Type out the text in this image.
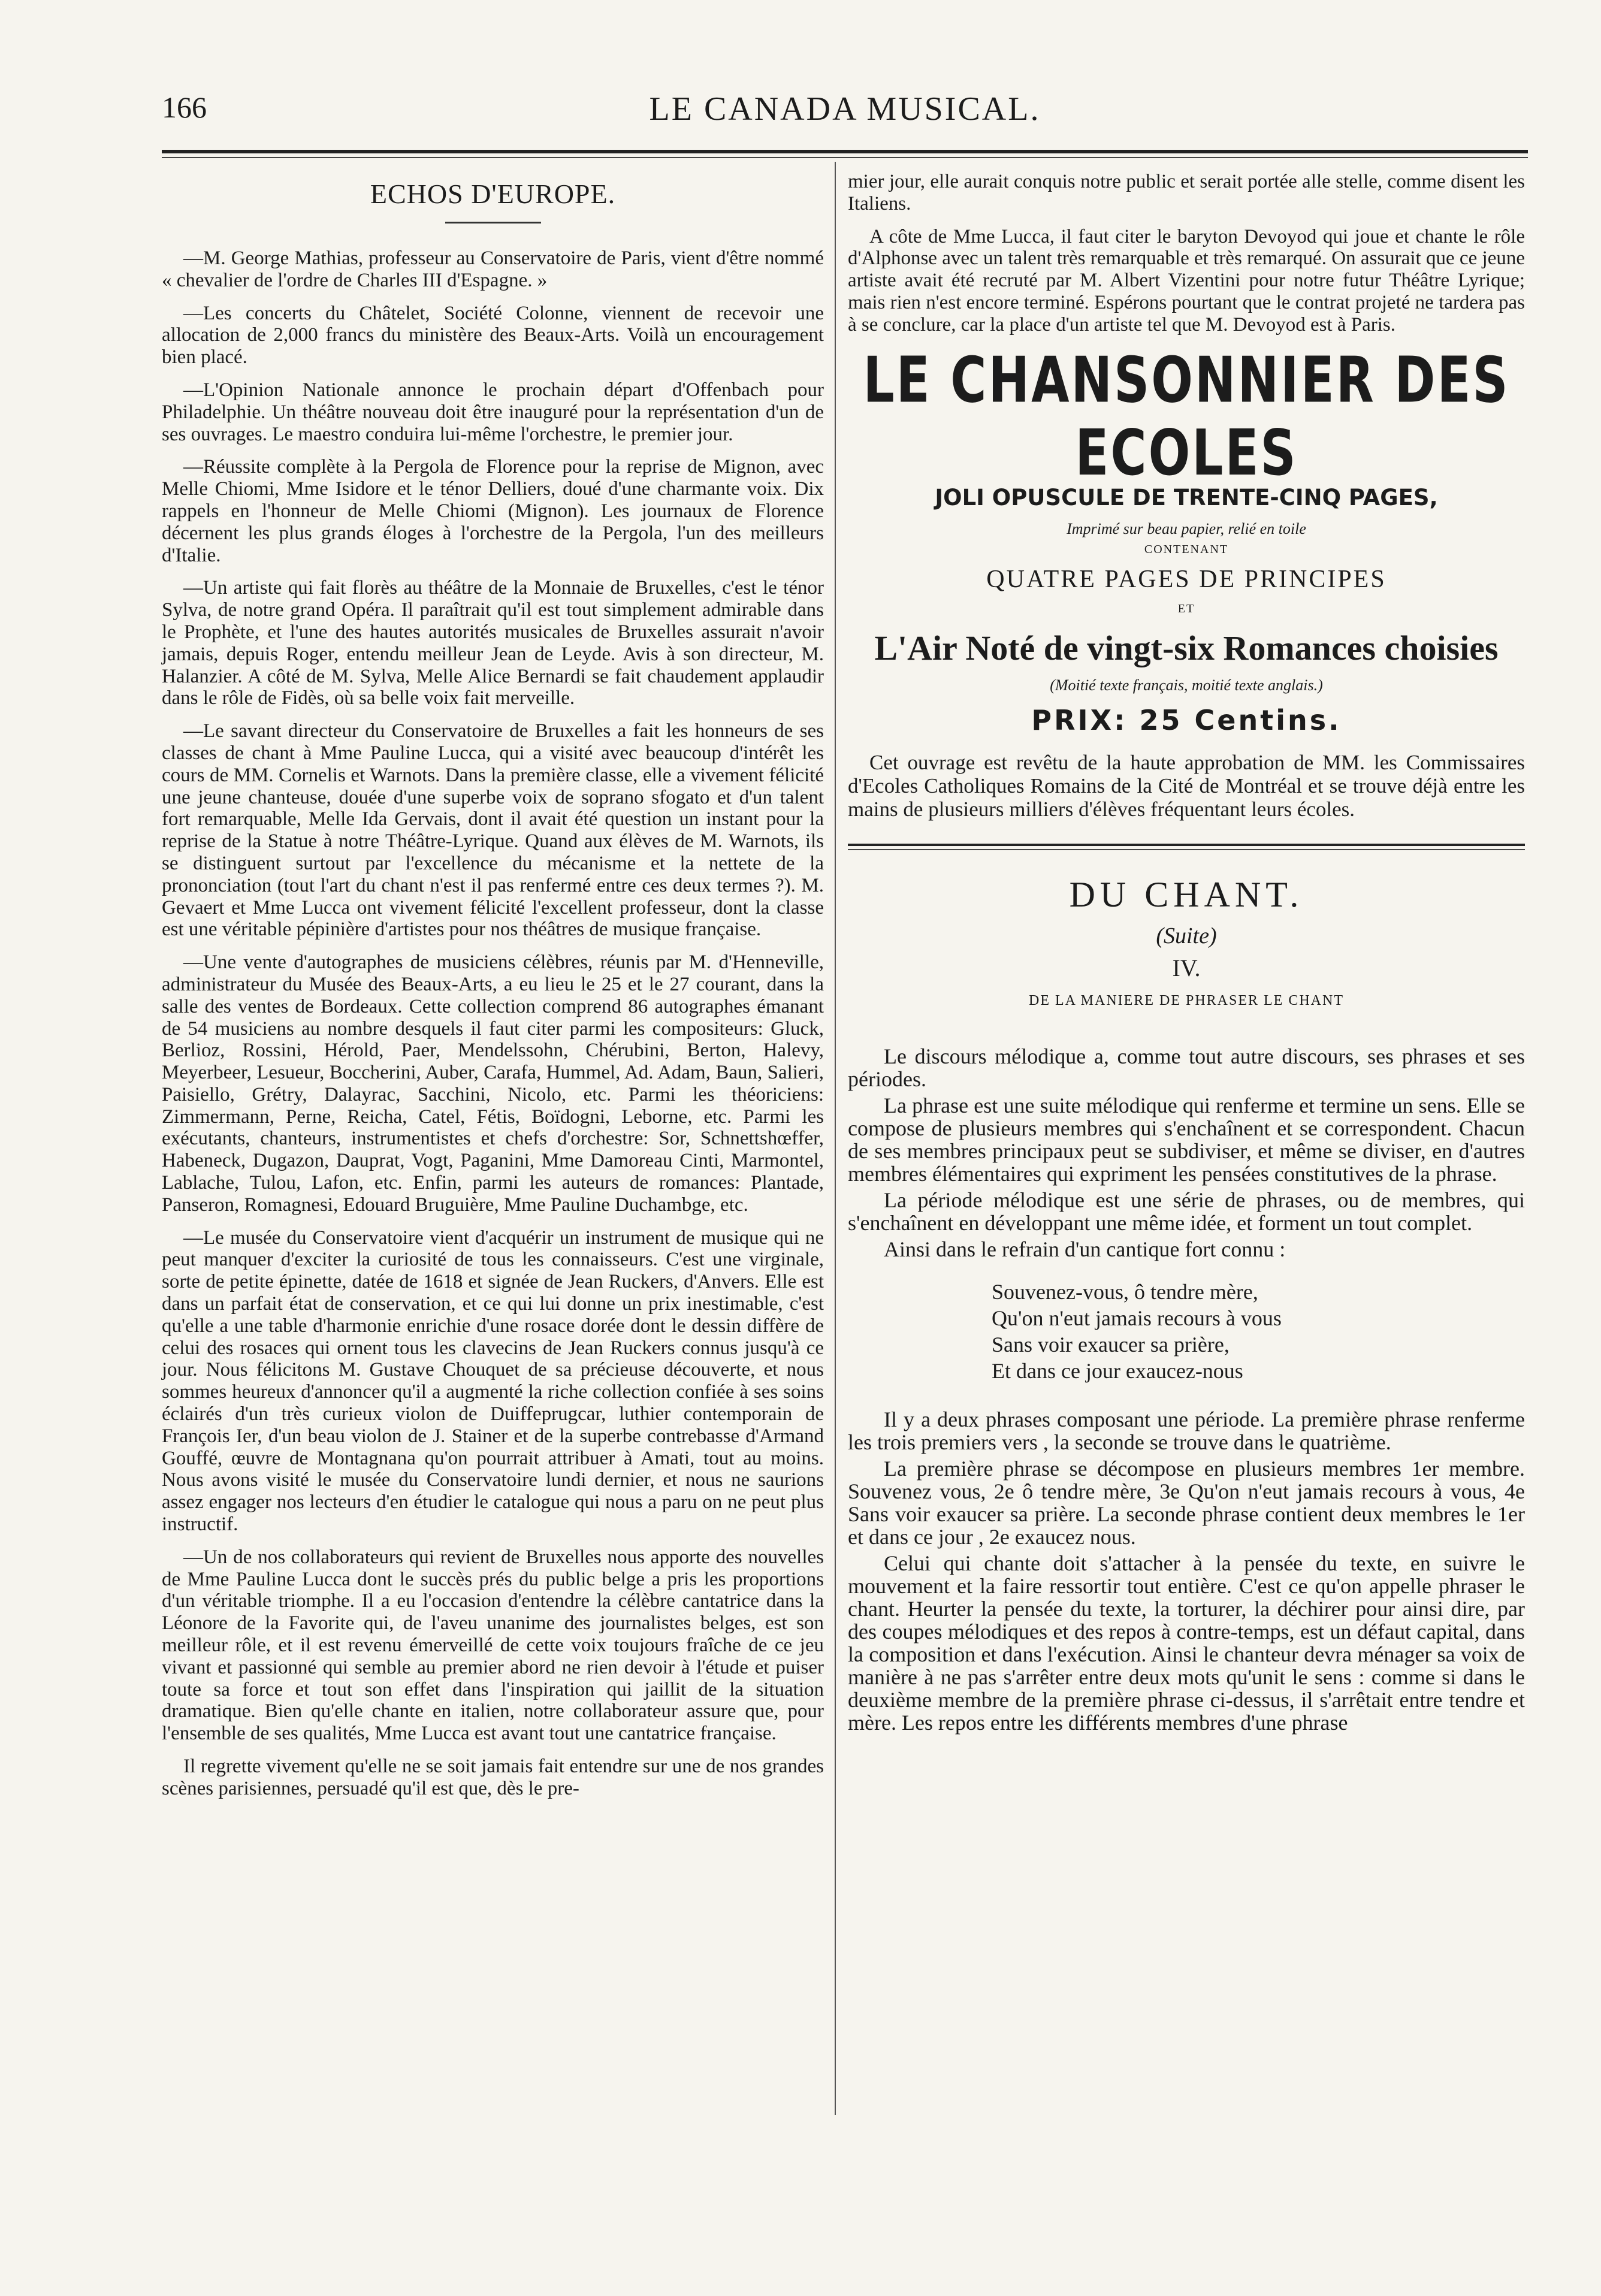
166	LE CANADA MUSICAL.
ECHOS D'EUROPE.

—M. George Mathias, professeur au Conservatoire de Paris, vient d'être nommé « chevalier de l'ordre de Charles III d'Espagne. »

—Les concerts du Châtelet, Société Colonne, viennent de recevoir une allocation de 2,000 francs du ministère des Beaux-Arts. Voilà un encouragement bien placé.

—L'Opinion Nationale annonce le prochain départ d'Offenbach pour Philadelphie. Un théâtre nouveau doit être inauguré pour la représentation d'un de ses ouvrages. Le maestro conduira lui-même l'orchestre, le premier jour.

—Réussite complète à la Pergola de Florence pour la reprise de Mignon, avec Melle Chiomi, Mme Isidore et le ténor Delliers, doué d'une charmante voix. Dix rappels en l'honneur de Melle Chiomi (Mignon). Les journaux de Florence décernent les plus grands éloges à l'orchestre de la Pergola, l'un des meilleurs d'Italie.

—Un artiste qui fait florès au théâtre de la Monnaie de Bruxelles, c'est le ténor Sylva, de notre grand Opéra. Il paraîtrait qu'il est tout simplement admirable dans le Prophète, et l'une des hautes autorités musicales de Bruxelles assurait n'avoir jamais, depuis Roger, entendu meilleur Jean de Leyde. Avis à son directeur, M. Halanzier. A côté de M. Sylva, Melle Alice Bernardi se fait chaudement applaudir dans le rôle de Fidès, où sa belle voix fait merveille.

—Le savant directeur du Conservatoire de Bruxelles a fait les honneurs de ses classes de chant à Mme Pauline Lucca, qui a visité avec beaucoup d'intérêt les cours de MM. Cornelis et Warnots. Dans la première classe, elle a vivement félicité une jeune chanteuse, douée d'une superbe voix de soprano sfogato et d'un talent fort remarquable, Melle Ida Gervais, dont il avait été question un instant pour la reprise de la Statue à notre Théâtre-Lyrique. Quand aux élèves de M. Warnots, ils se distinguent surtout par l'excellence du mécanisme et la nettete de la prononciation (tout l'art du chant n'est il pas renfermé entre ces deux termes ?). M. Gevaert et Mme Lucca ont vivement félicité l'excellent professeur, dont la classe est une véritable pépinière d'artistes pour nos théâtres de musique française.

—Une vente d'autographes de musiciens célèbres, réunis par M. d'Henneville, administrateur du Musée des Beaux-Arts, a eu lieu le 25 et le 27 courant, dans la salle des ventes de Bordeaux. Cette collection comprend 86 autographes émanant de 54 musiciens au nombre desquels il faut citer parmi les compositeurs: Gluck, Berlioz, Rossini, Hérold, Paer, Mendelssohn, Chérubini, Berton, Halevy, Meyerbeer, Lesueur, Boccherini, Auber, Carafa, Hummel, Ad. Adam, Baun, Salieri, Paisiello, Grétry, Dalayrac, Sacchini, Nicolo, etc. Parmi les théoriciens: Zimmermann, Perne, Reicha, Catel, Fétis, Boïdogni, Leborne, etc. Parmi les exécutants, chanteurs, instrumentistes et chefs d'orchestre: Sor, Schnettshœffer, Habeneck, Dugazon, Dauprat, Vogt, Paganini, Mme Damoreau Cinti, Marmontel, Lablache, Tulou, Lafon, etc. Enfin, parmi les auteurs de romances: Plantade, Panseron, Romagnesi, Edouard Bruguière, Mme Pauline Duchambge, etc.

—Le musée du Conservatoire vient d'acquérir un instrument de musique qui ne peut manquer d'exciter la curiosité de tous les connaisseurs. C'est une virginale, sorte de petite épinette, datée de 1618 et signée de Jean Ruckers, d'Anvers. Elle est dans un parfait état de conservation, et ce qui lui donne un prix inestimable, c'est qu'elle a une table d'harmonie enrichie d'une rosace dorée dont le dessin diffère de celui des rosaces qui ornent tous les clavecins de Jean Ruckers connus jusqu'à ce jour. Nous félicitons M. Gustave Chouquet de sa précieuse découverte, et nous sommes heureux d'annoncer qu'il a augmenté la riche collection confiée à ses soins éclairés d'un très curieux violon de Duiffeprugcar, luthier contemporain de François Ier, d'un beau violon de J. Stainer et de la superbe contrebasse d'Armand Gouffé, œuvre de Montagnana qu'on pourrait attribuer à Amati, tout au moins. Nous avons visité le musée du Conservatoire lundi dernier, et nous ne saurions assez engager nos lecteurs d'en étudier le catalogue qui nous a paru on ne peut plus instructif.

—Un de nos collaborateurs qui revient de Bruxelles nous apporte des nouvelles de Mme Pauline Lucca dont le succès prés du public belge a pris les proportions d'un véritable triomphe. Il a eu l'occasion d'entendre la célèbre cantatrice dans la Léonore de la Favorite qui, de l'aveu unanime des journalistes belges, est son meilleur rôle, et il est revenu émerveillé de cette voix toujours fraîche de ce jeu vivant et passionné qui semble au premier abord ne rien devoir à l'étude et puiser toute sa force et tout son effet dans l'inspiration qui jaillit de la situation dramatique. Bien qu'elle chante en italien, notre collaborateur assure que, pour l'ensemble de ses qualités, Mme Lucca est avant tout une cantatrice française.

Il regrette vivement qu'elle ne se soit jamais fait entendre sur une de nos grandes scènes parisiennes, persuadé qu'il est que, dès le pre-

mier jour, elle aurait conquis notre public et serait portée alle stelle, comme disent les Italiens.

A côte de Mme Lucca, il faut citer le baryton Devoyod qui joue et chante le rôle d'Alphonse avec un talent très remarquable et très remarqué. On assurait que ce jeune artiste avait été recruté par M. Albert Vizentini pour notre futur Théâtre Lyrique; mais rien n'est encore terminé. Espérons pourtant que le contrat projeté ne tardera pas à se conclure, car la place d'un artiste tel que M. Devoyod est à Paris.

LE CHANSONNIER DES ECOLES
JOLI OPUSCULE DE TRENTE-CINQ PAGES,
Imprimé sur beau papier, relié en toile
CONTENANT
QUATRE PAGES DE PRINCIPES
ET
L'Air Noté de vingt-six Romances choisies
(Moitié texte français, moitié texte anglais.)
PRIX: 25 Centins.

Cet ouvrage est revêtu de la haute approbation de MM. les Commissaires d'Ecoles Catholiques Romains de la Cité de Montréal et se trouve déjà entre les mains de plusieurs milliers d'élèves fréquentant leurs écoles.

DU CHANT.
(Suite)
IV.
DE LA MANIERE DE PHRASER LE CHANT

Le discours mélodique a, comme tout autre discours, ses phrases et ses périodes.

La phrase est une suite mélodique qui renferme et termine un sens. Elle se compose de plusieurs membres qui s'enchaînent et se correspondent. Chacun de ses membres principaux peut se subdiviser, et même se diviser, en d'autres membres élémentaires qui expriment les pensées constitutives de la phrase.

La période mélodique est une série de phrases, ou de membres, qui s'enchaînent en développant une même idée, et forment un tout complet.

Ainsi dans le refrain d'un cantique fort connu :

Souvenez-vous, ô tendre mère,
Qu'on n'eut jamais recours à vous
Sans voir exaucer sa prière,
Et dans ce jour exaucez-nous

Il y a deux phrases composant une période. La première phrase renferme les trois premiers vers , la seconde se trouve dans le quatrième.

La première phrase se décompose en plusieurs membres 1er membre. Souvenez vous, 2e ô tendre mère, 3e Qu'on n'eut jamais recours à vous, 4e Sans voir exaucer sa prière. La seconde phrase contient deux membres le 1er et dans ce jour , 2e exaucez nous.

Celui qui chante doit s'attacher à la pensée du texte, en suivre le mouvement et la faire ressortir tout entière. C'est ce qu'on appelle phraser le chant. Heurter la pensée du texte, la torturer, la déchirer pour ainsi dire, par des coupes mélodiques et des repos à contre-temps, est un défaut capital, dans la composition et dans l'exécution. Ainsi le chanteur devra ménager sa voix de manière à ne pas s'arrêter entre deux mots qu'unit le sens : comme si dans le deuxième membre de la première phrase ci-dessus, il s'arrêtait entre tendre et mère. Les repos entre les différents membres d'une phrase
